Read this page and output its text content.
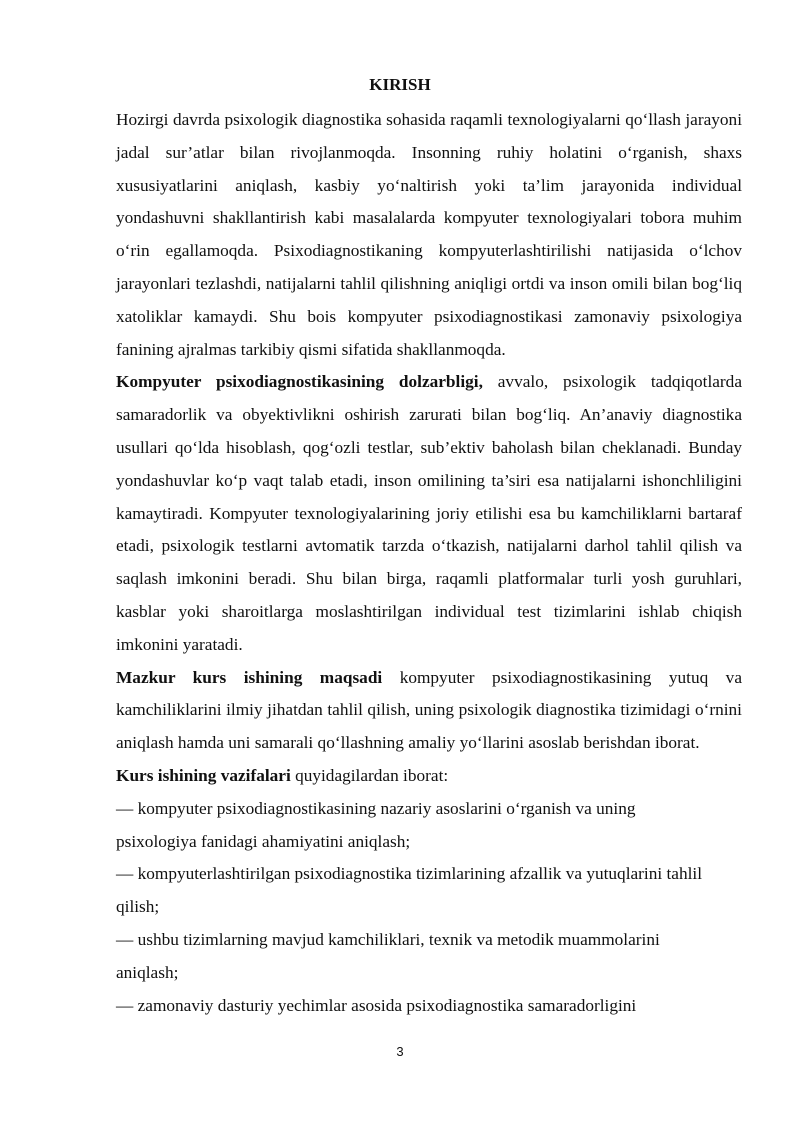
KIRISH

Hozirgi davrda psixologik diagnostika sohasida raqamli texnologiyalarni qo‘llash jarayoni jadal sur’atlar bilan rivojlanmoqda. Insonning ruhiy holatini o‘rganish, shaxs xususiyatlarini aniqlash, kasbiy yo‘naltirish yoki ta’lim jarayonida individual yondashuvni shakllantirish kabi masalalarda kompyuter texnologiyalari tobora muhim o‘rin egallamoqda. Psixodiagnostikaning kompyuterlashtirilishi natijasida o‘lchov jarayonlari tezlashdi, natijalarni tahlil qilishning aniqligi ortdi va inson omili bilan bog‘liq xatoliklar kamaydi. Shu bois kompyuter psixodiagnostikasi zamonaviy psixologiya fanining ajralmas tarkibiy qismi sifatida shakllanmoqda.

Kompyuter psixodiagnostikasining dolzarbligi, avvalo, psixologik tadqiqotlarda samaradorlik va obyektivlikni oshirish zarurati bilan bog‘liq. An’anaviy diagnostika usullari qo‘lda hisoblash, qog‘ozli testlar, sub’ektiv baholash bilan cheklanadi. Bunday yondashuvlar ko‘p vaqt talab etadi, inson omilining ta’siri esa natijalarni ishonchliligini kamaytiradi. Kompyuter texnologiyalarining joriy etilishi esa bu kamchiliklarni bartaraf etadi, psixologik testlarni avtomatik tarzda o‘tkazish, natijalarni darhol tahlil qilish va saqlash imkonini beradi. Shu bilan birga, raqamli platformalar turli yosh guruhlari, kasblar yoki sharoitlarga moslashtirilgan individual test tizimlarini ishlab chiqish imkonini yaratadi.

Mazkur kurs ishining maqsadi kompyuter psixodiagnostikasining yutuq va kamchiliklarini ilmiy jihatdan tahlil qilish, uning psixologik diagnostika tizimidagi o‘rnini aniqlash hamda uni samarali qo‘llashning amaliy yo‘llarini asoslab berishdan iborat.

Kurs ishining vazifalari quyidagilardan iborat:

— kompyuter psixodiagnostikasining nazariy asoslarini o‘rganish va uning psixologiya fanidagi ahamiyatini aniqlash;

— kompyuterlashtirilgan psixodiagnostika tizimlarining afzallik va yutuqlarini tahlil qilish;

— ushbu tizimlarning mavjud kamchiliklari, texnik va metodik muammolarini aniqlash;

— zamonaviy dasturiy yechimlar asosida psixodiagnostika samaradorligini

3
